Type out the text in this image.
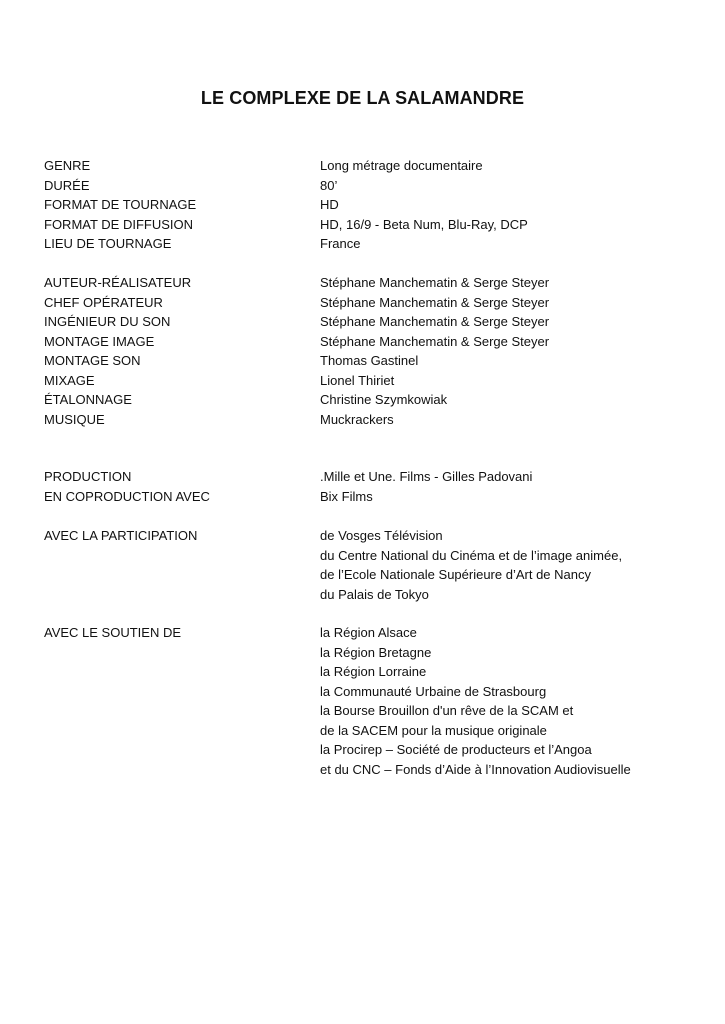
LE COMPLEXE DE LA SALAMANDRE
GENRE	Long métrage documentaire
DURÉE	80’
FORMAT DE TOURNAGE	HD
FORMAT DE DIFFUSION	HD, 16/9 - Beta Num, Blu-Ray, DCP
LIEU DE TOURNAGE	France
AUTEUR-RÉALISATEUR	Stéphane Manchematin & Serge Steyer
CHEF OPÉRATEUR	Stéphane Manchematin & Serge Steyer
INGÉNIEUR DU SON	Stéphane Manchematin & Serge Steyer
MONTAGE IMAGE	Stéphane Manchematin & Serge Steyer
MONTAGE SON	Thomas Gastinel
MIXAGE	Lionel Thiriet
ÉTALONNAGE	Christine Szymkowiak
MUSIQUE	Muckrackers
PRODUCTION	.Mille et Une. Films - Gilles Padovani
EN COPRODUCTION AVEC	Bix Films
AVEC LA PARTICIPATION	de Vosges Télévision
du Centre National du Cinéma et de l’image animée,
de l’Ecole Nationale Supérieure d’Art de Nancy
du Palais de Tokyo
AVEC LE SOUTIEN DE	la Région Alsace
la Région Bretagne
la Région Lorraine
la Communauté Urbaine de Strasbourg
la Bourse Brouillon d'un rêve de la SCAM et
de la SACEM pour la musique originale
la Procirep – Société de producteurs et l’Angoa
et du CNC – Fonds d’Aide à l’Innovation Audiovisuelle
